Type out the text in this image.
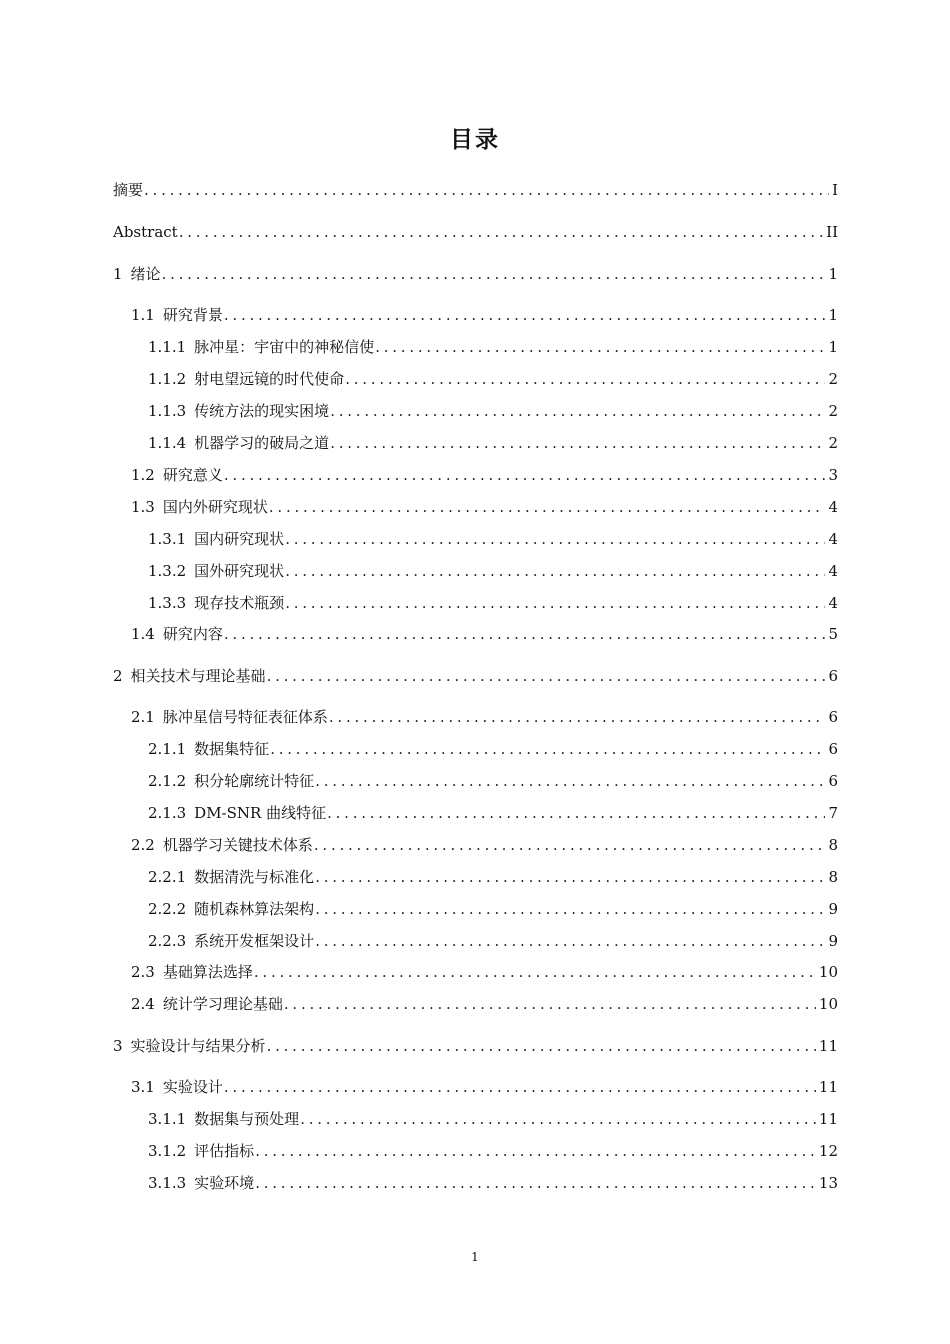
目录
摘要 . . .	I
Abstract . . .	II
1 绪论 . . .	1
1.1 研究背景 . . .	1
1.1.1 脉冲星：宇宙中的神秘信使 . . .	1
1.1.2 射电望远镜的时代使命 . . .	2
1.1.3 传统方法的现实困境 . . .	2
1.1.4 机器学习的破局之道 . . .	2
1.2 研究意义 . . .	3
1.3 国内外研究现状 . . .	4
1.3.1 国内研究现状 . . .	4
1.3.2 国外研究现状 . . .	4
1.3.3 现存技术瓶颈 . . .	4
1.4 研究内容 . . .	5
2 相关技术与理论基础 . . .	6
2.1 脉冲星信号特征表征体系 . . .	6
2.1.1 数据集特征 . . .	6
2.1.2 积分轮廓统计特征 . . .	6
2.1.3 DM-SNR 曲线特征 . . .	7
2.2 机器学习关键技术体系 . . .	8
2.2.1 数据清洗与标准化 . . .	8
2.2.2 随机森林算法架构 . . .	9
2.2.3 系统开发框架设计 . . .	9
2.3 基础算法选择 . . .	10
2.4 统计学习理论基础 . . .	10
3 实验设计与结果分析 . . .	11
3.1 实验设计 . . .	11
3.1.1 数据集与预处理 . . .	11
3.1.2 评估指标 . . .	12
3.1.3 实验环境 . . .	13
1
